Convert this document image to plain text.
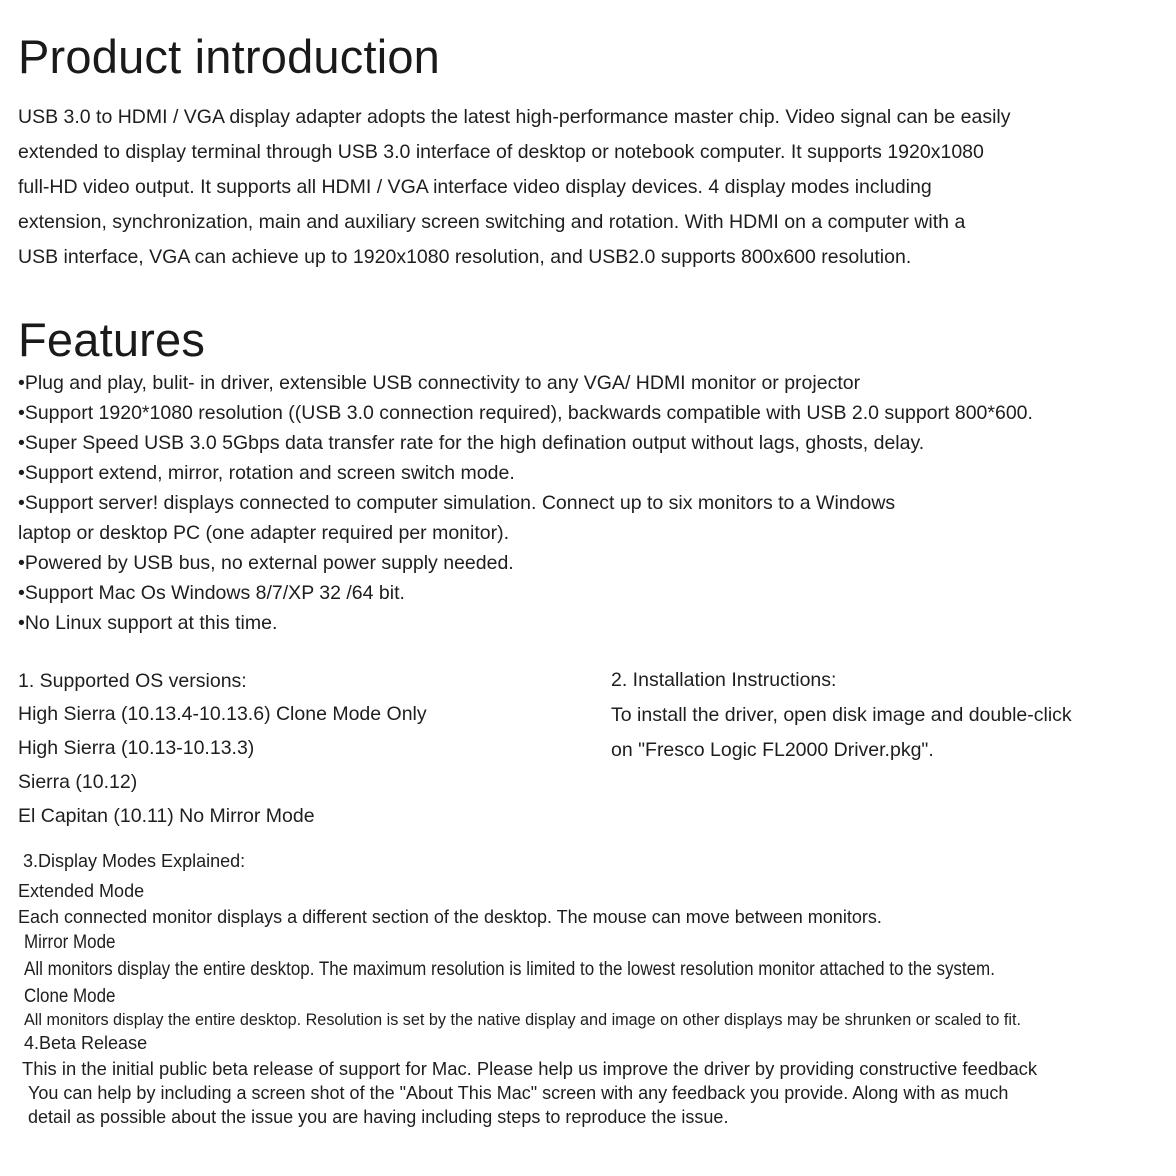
Product introduction
USB 3.0 to HDMI / VGA display adapter adopts the latest high-performance master chip. Video signal can be easily
extended to display terminal through USB 3.0 interface of desktop or notebook computer. It supports 1920x1080
full-HD video output. It supports all HDMI / VGA interface video display devices. 4 display modes including
extension, synchronization, main and auxiliary screen switching and rotation. With HDMI on a computer with a
USB interface, VGA can achieve up to 1920x1080 resolution, and USB2.0 supports 800x600 resolution.
Features
•Plug and play, bulit- in driver, extensible USB connectivity to any VGA/ HDMI monitor or projector
•Support 1920*1080 resolution ((USB 3.0 connection required), backwards compatible with USB 2.0 support 800*600.
•Super Speed USB 3.0 5Gbps data transfer rate for the high defination output without lags, ghosts, delay.
•Support extend, mirror, rotation and screen switch mode.
•Support server! displays connected to computer simulation. Connect up to six monitors to a Windows
laptop or desktop PC (one adapter required per monitor).
•Powered by USB bus, no external power supply needed.
•Support Mac Os Windows 8/7/XP 32 /64 bit.
•No Linux support at this time.
1. Supported OS versions:
High Sierra (10.13.4-10.13.6) Clone Mode Only
High Sierra (10.13-10.13.3)
Sierra (10.12)
El Capitan (10.11) No Mirror Mode
2. Installation Instructions:
To install the driver, open disk image and double-click
on "Fresco Logic FL2000 Driver.pkg".
3.Display Modes Explained:
Extended Mode
Each connected monitor displays a different section of the desktop. The mouse can move between monitors.
Mirror Mode
All monitors display the entire desktop. The maximum resolution is limited to the lowest resolution monitor attached to the system.
Clone Mode
All monitors display the entire desktop. Resolution is set by the native display and image on other displays may be shrunken or scaled to fit.
4.Beta Release
This in the initial public beta release of support for Mac. Please help us improve the driver by providing constructive feedback
You can help by including a screen shot of the "About This Mac" screen with any feedback you provide. Along with as much
detail as possible about the issue you are having including steps to reproduce the issue.
